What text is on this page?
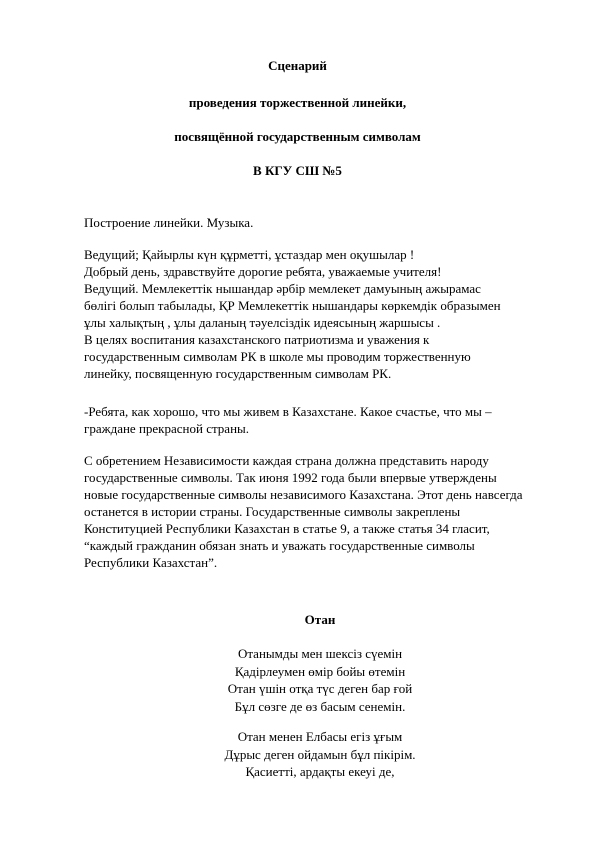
Сценарий
проведения торжественной линейки,
посвящённой государственным символам
В КГУ СШ №5
Построение линейки. Музыка.
Ведущий; Қайырлы күн құрметті, ұстаздар мен оқушылар !
Добрый день, здравствуйте дорогие ребята, уважаемые учителя!
Ведущий. Мемлекеттік нышандар әрбір мемлекет дамуының ажырамас
бөлігі болып табылады, ҚР Мемлекеттік нышандары көркемдік образымен
ұлы халықтың , ұлы даланың тәуелсіздік идеясының жаршысы .
В целях воспитания казахстанского патриотизма и уважения к
государственным символам РК в школе мы проводим торжественную
линейку, посвященную государственным символам РК.
-Ребята, как хорошо, что мы живем в Казахстане. Какое счастье, что мы –
граждане прекрасной страны.
С обретением Независимости каждая страна должна представить народу
государственные символы. Так июня 1992 года были впервые утверждены
новые государственные символы независимого Казахстана. Этот день навсегда
останется в истории страны. Государственные символы закреплены
Конституцией Республики Казахстан в статье 9, а также статья 34 гласит,
“каждый гражданин обязан знать и уважать государственные символы
Республики Казахстан”.
Отан
Отанымды мен шексіз сүемін
Қадірлеумен өмір бойы өтемін
Отан үшін отқа түс деген бар ғой
Бұл сөзге де өз басым сенемін.
Отан менен Елбасы егіз ұғым
Дұрыс деген ойдамын бұл пікірім.
Қасиетті, ардақты екеуі де,
